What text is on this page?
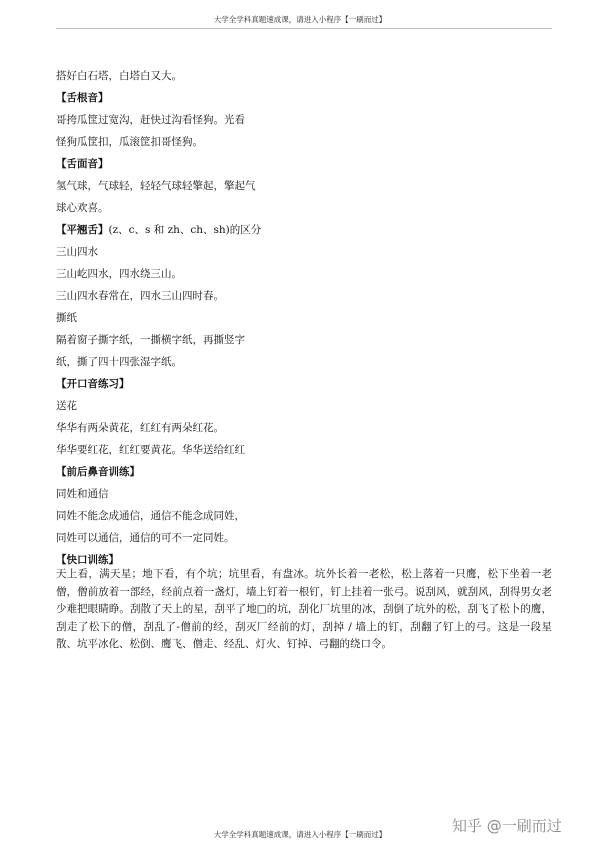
大学全学科真题速成课，请进入小程序【一刷而过】

搭好白石塔，白塔白又大。

【舌根音】

哥挎瓜筐过宽沟，赶快过沟看怪狗。光看

怪狗瓜筐扣，瓜滚筐扣哥怪狗。

【舌面音】

氢气球，气球轻，轻轻气球轻擎起，擎起气

球心欢喜。

【平翘舌】(z、c、s 和 zh、ch、sh)的区分

三山四水

三山屹四水，四水绕三山。

三山四水春常在，四水三山四时春。

撕纸

隔着窗子撕字纸，一撕横字纸，再撕竖字

纸，撕了四十四张湿字纸。

【开口音练习】

送花

华华有两朵黄花，红红有两朵红花。

华华要红花，红红要黄花。华华送给红红

【前后鼻音训练】

同姓和通信

同姓不能念成通信，通信不能念成同姓，

同姓可以通信，通信的可不一定同姓。

【快口训练】

天上看，满天星；地下看，有个坑；坑里看，有盘冰。坑外长着一老松，松上落着一只鹰，松下坐着一老僧，僧前放着一部经，经前点着一盏灯，墙上钉着一根钉，钉上挂着一张弓。说刮风，就刮风，刮得男女老少难把眼睛睁。刮散了天上的星，刮平了地□的坑，刮化厂坑里的冰，刮倒了坑外的松，刮飞了松卜的鹰，刮走了松下的僧，刮乱了-僧前的经，刮灭厂经前的灯，刮掉 / 墙上的钉，刮翻了钉上的弓。这是一段星散、坑平冰化、松倒、鹰飞、僧走、经乱、灯火、钉掉、弓翻的绕口令。

知乎 @一刷而过
大学全学科真题速成课，请进入小程序【一刷而过】
